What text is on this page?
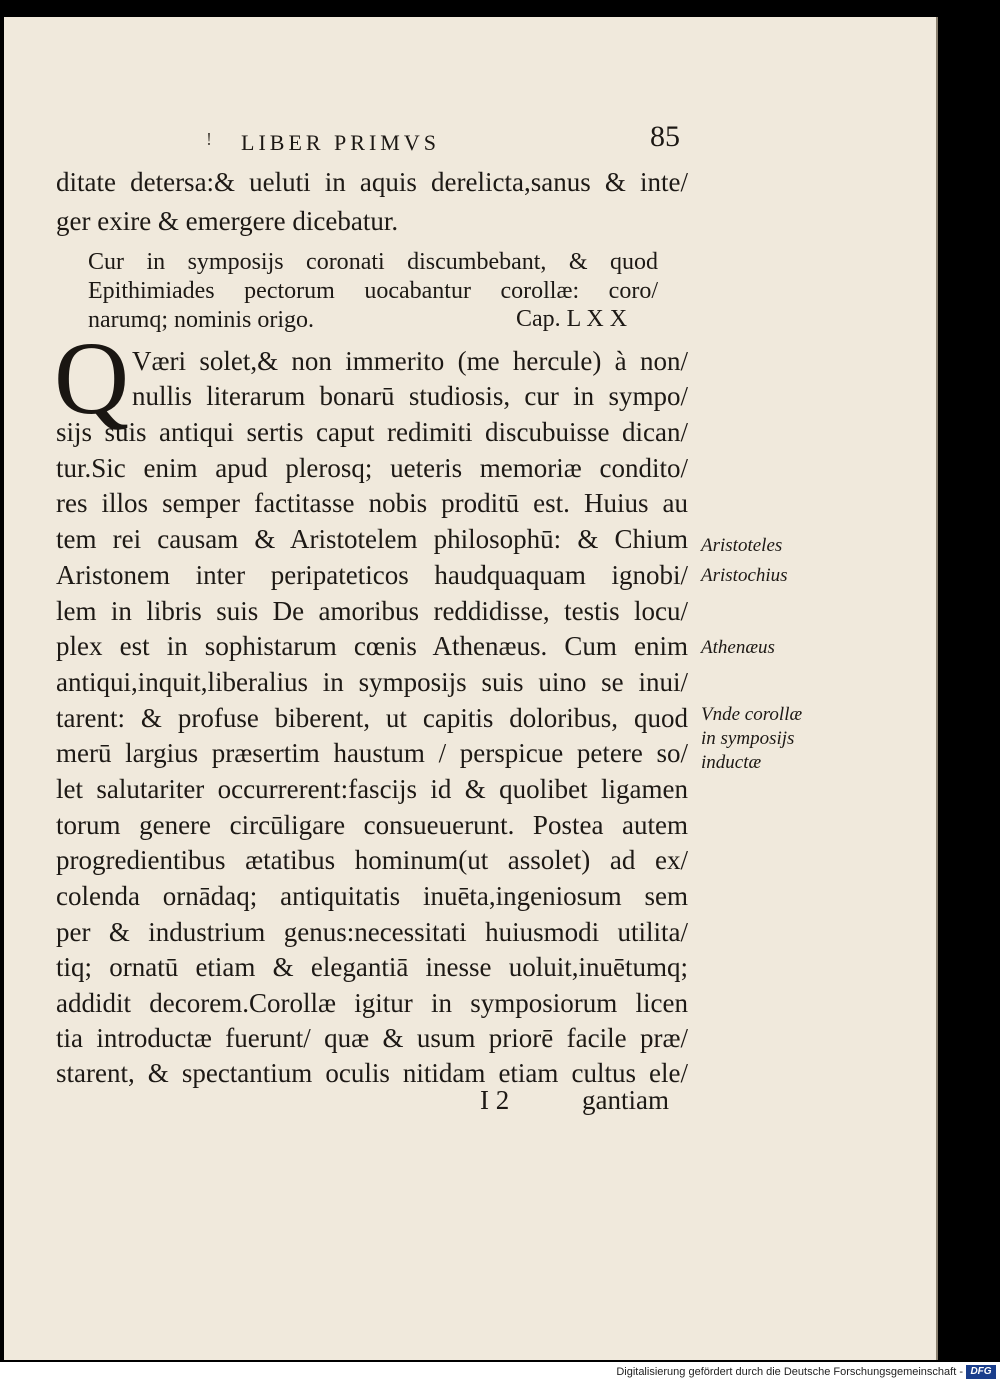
! LIBER PRIMVS	85
ditate detersa:& ueluti in aquis derelicta,sanus & inte/
ger exire & emergere dicebatur.
Cur in symposijs coronati discumbebant, & quod
Epithimiades pectorum uocabantur corollæ: coro/
narumq; nominis origo.	Cap. L X X
Q Væri solet,& non immerito (me hercule) à non/
nullis literarum bonarū studiosis, cur in sympo/
sijs suis antiqui sertis caput redimiti discubuisse dican/
tur.Sic enim apud plerosq; ueteris memoriæ condito/
res illos semper factitasse nobis proditū est. Huius au
tem rei causam & Aristotelem philosophū: & Chium
Aristonem inter peripateticos haudquaquam ignobi/
lem in libris suis De amoribus reddidisse, testis locu/
plex est in sophistarum cœnis Athenæus. Cum enim
antiqui,inquit,liberalius in symposijs suis uino se inui/
tarent: & profuse biberent, ut capitis doloribus, quod
merū largius præsertim haustum / perspicue petere so/
let salutariter occurrerent:fascijs id & quolibet ligamen
torum genere circūligare consueuerunt. Postea autem
progredientibus ætatibus hominum(ut assolet) ad ex/
colenda ornādaq; antiquitatis inuēta,ingeniosum sem
per & industrium genus:necessitati huiusmodi utilita/
tiq; ornatū etiam & elegantiā inesse uoluit,inuētumq;
addidit decorem.Corollæ igitur in symposiorum licen
tia introductæ fuerunt/ quæ & usum priorē facile præ/
starent, & spectantium oculis nitidam etiam cultus ele/
I 2	gantiam
Aristoteles
Aristochius
Athenæus
Vnde corollæ
in symposijs
inductæ
Digitalisierung gefördert durch die Deutsche Forschungsgemeinschaft - DFG
